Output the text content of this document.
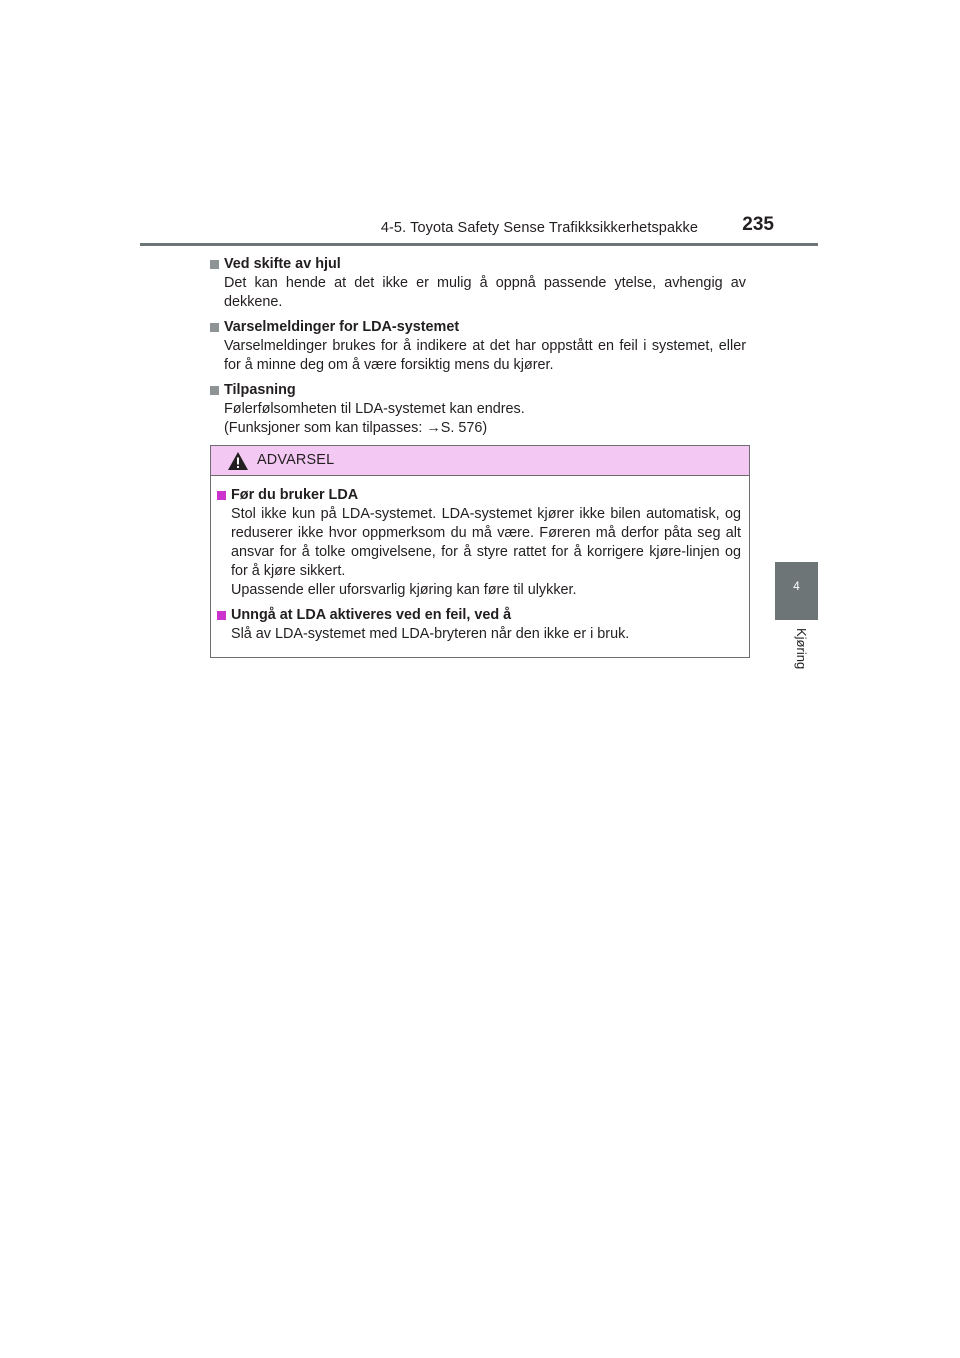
4-5. Toyota Safety Sense Trafikksikkerhetspakke 235
4
Kjøring
Ved skifte av hjul

Det kan hende at det ikke er mulig å oppnå passende ytelse, avhengig av dekkene.

Varselmeldinger for LDA-systemet

Varselmeldinger brukes for å indikere at det har oppstått en feil i systemet, eller for å minne deg om å være forsiktig mens du kjører.

Tilpasning

Følerfølsomheten til LDA-systemet kan endres.

(Funksjoner som kan tilpasses: →S. 576)

ADVARSEL
Før du bruker LDA

Stol ikke kun på LDA-systemet. LDA-systemet kjører ikke bilen automatisk, og reduserer ikke hvor oppmerksom du må være. Føreren må derfor påta seg alt ansvar for å tolke omgivelsene, for å styre rattet for å korrigere kjøre-linjen og for å kjøre sikkert.

Upassende eller uforsvarlig kjøring kan føre til ulykker.

Unngå at LDA aktiveres ved en feil, ved å

Slå av LDA-systemet med LDA-bryteren når den ikke er i bruk.
